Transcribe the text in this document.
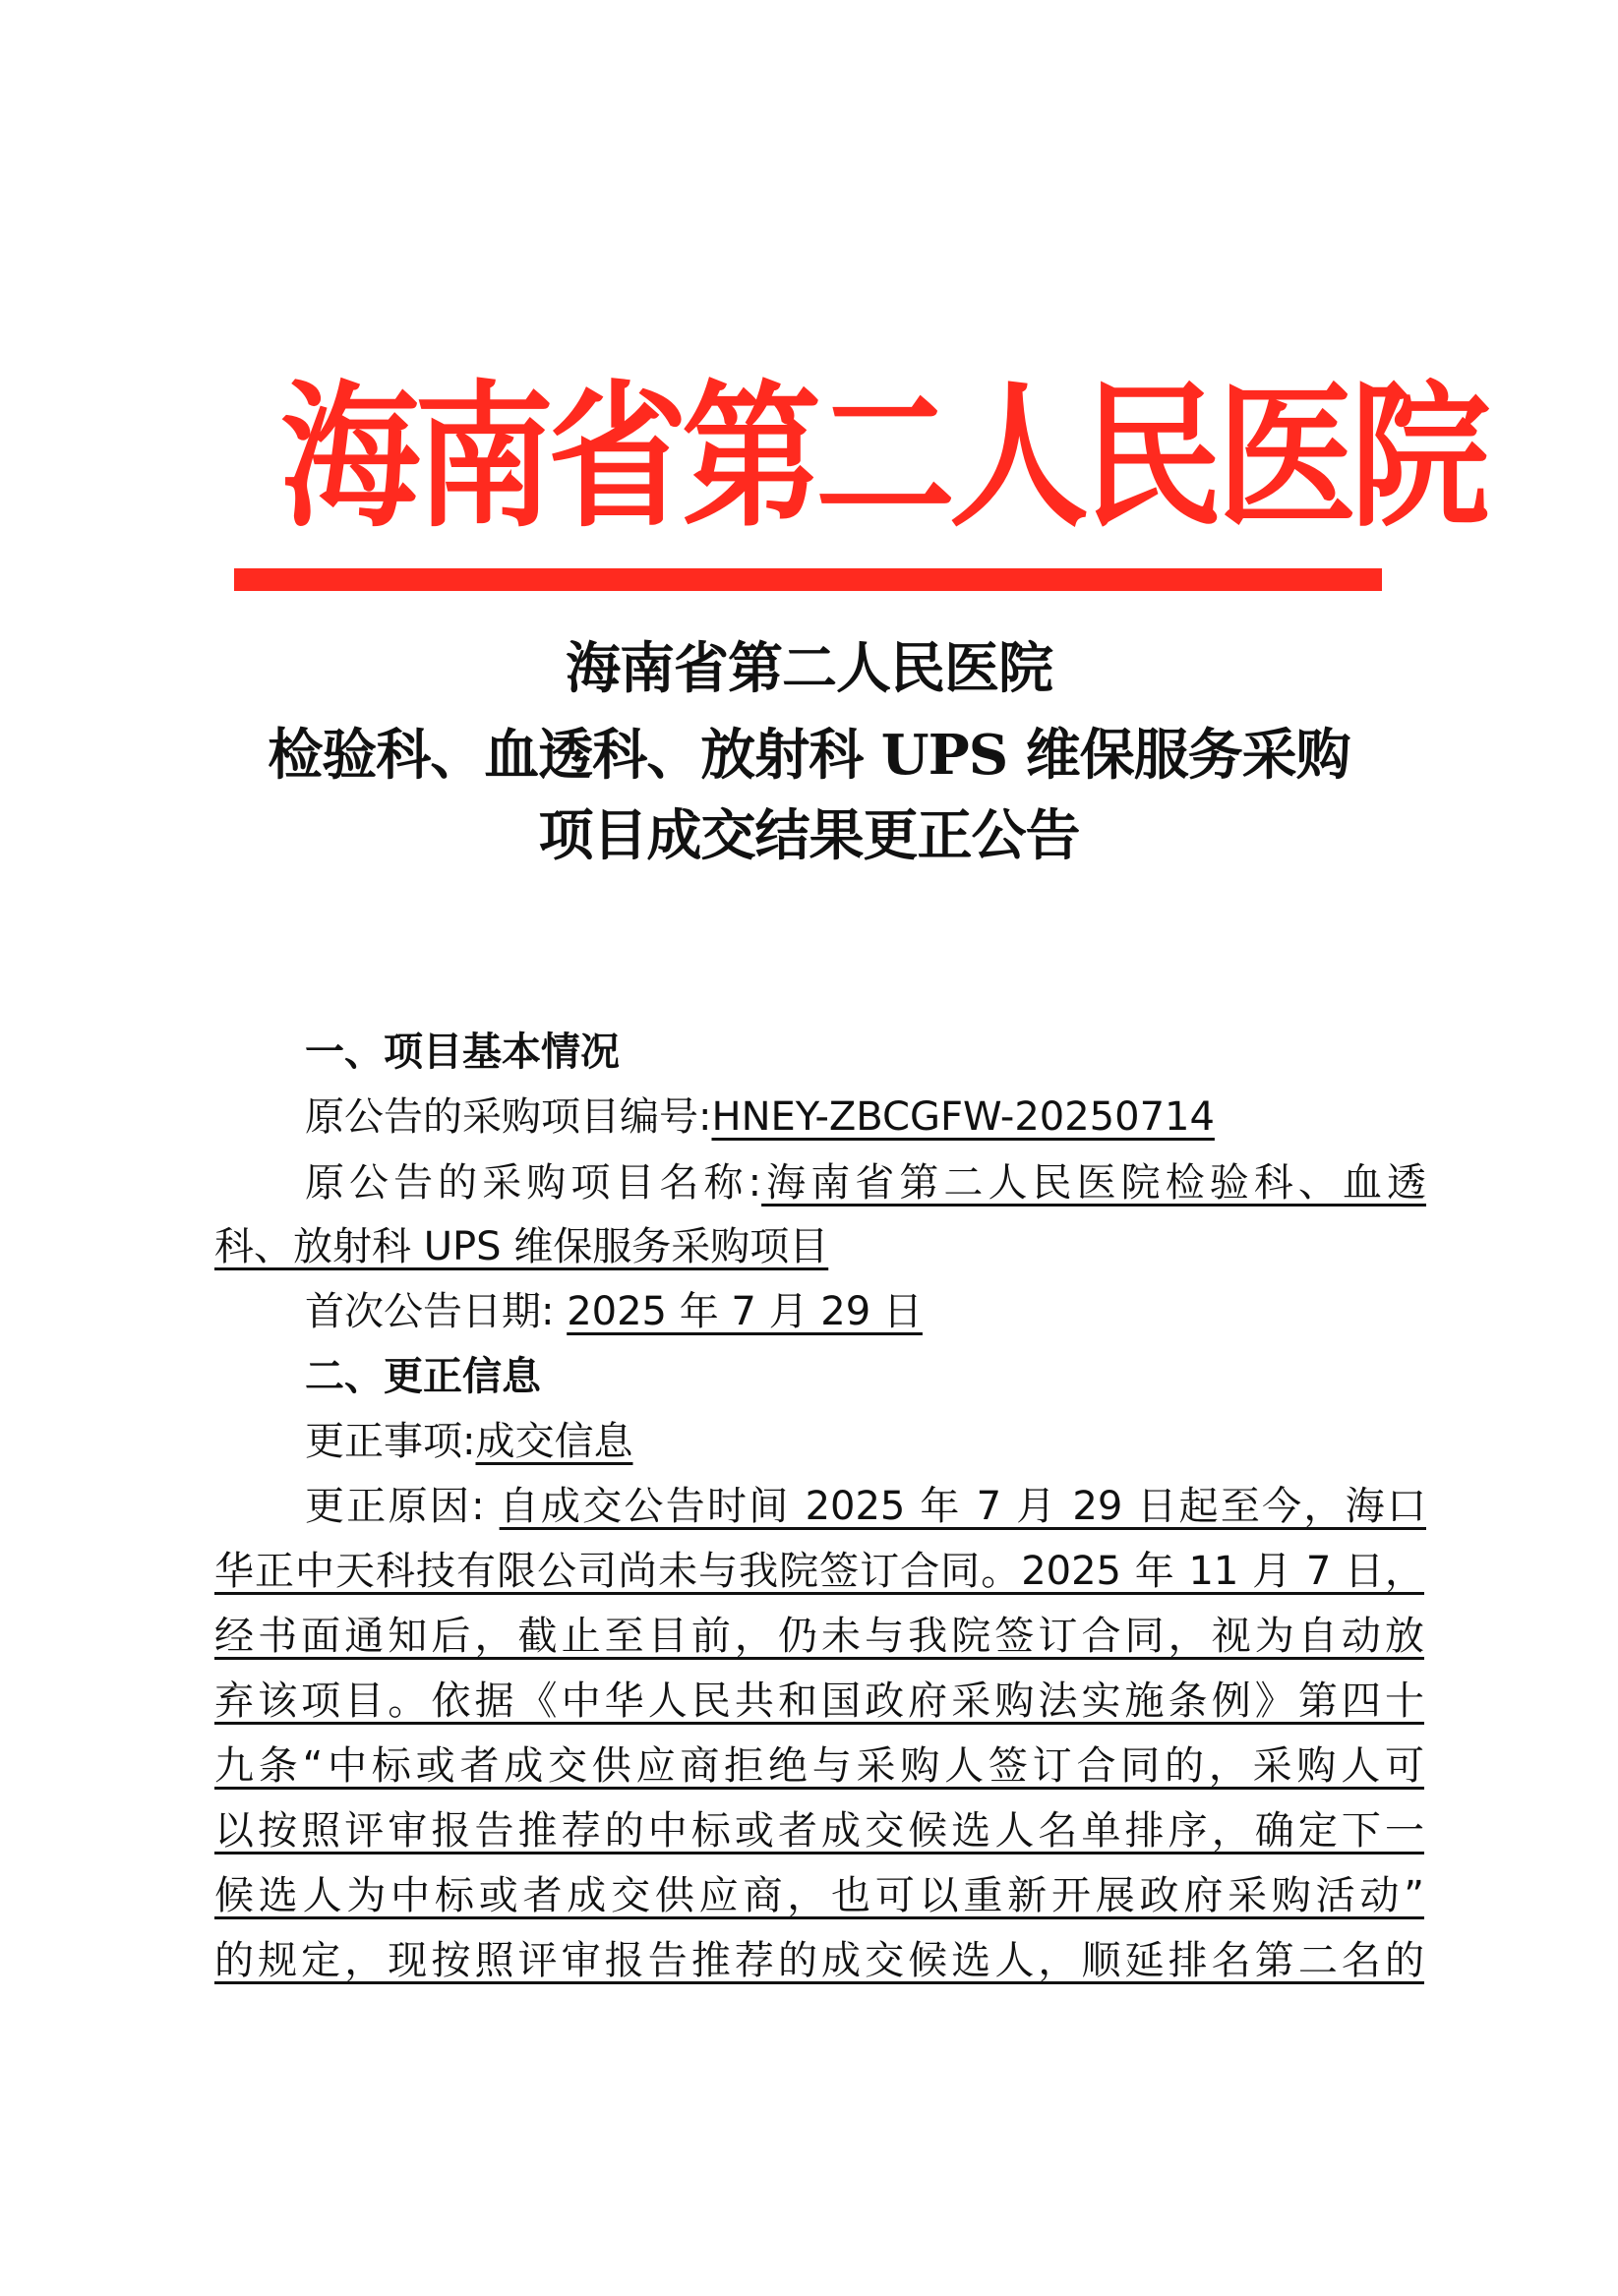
海南省第二人民医院
海南省第二人民医院
检验科、血透科、放射科 UPS 维保服务采购
项目成交结果更正公告
一、项目基本情况
原公告的采购项目编号:HNEY-ZBCGFW-20250714
原公告的采购项目名称:海南省第二人民医院检验科、血透
科、放射科 UPS 维保服务采购项目
首次公告日期: 2025 年 7 月 29 日
二、更正信息
更正事项:成交信息
更正原因: 自成交公告时间 2025 年 7 月 29 日起至今，海口
华正中天科技有限公司尚未与我院签订合同。2025 年 11 月 7 日，
经书面通知后，截止至目前，仍未与我院签订合同，视为自动放
弃该项目。依据《中华人民共和国政府采购法实施条例》第四十
九条“中标或者成交供应商拒绝与采购人签订合同的，采购人可
以按照评审报告推荐的中标或者成交候选人名单排序，确定下一
候选人为中标或者成交供应商，也可以重新开展政府采购活动”
的规定，现按照评审报告推荐的成交候选人，顺延排名第二名的
